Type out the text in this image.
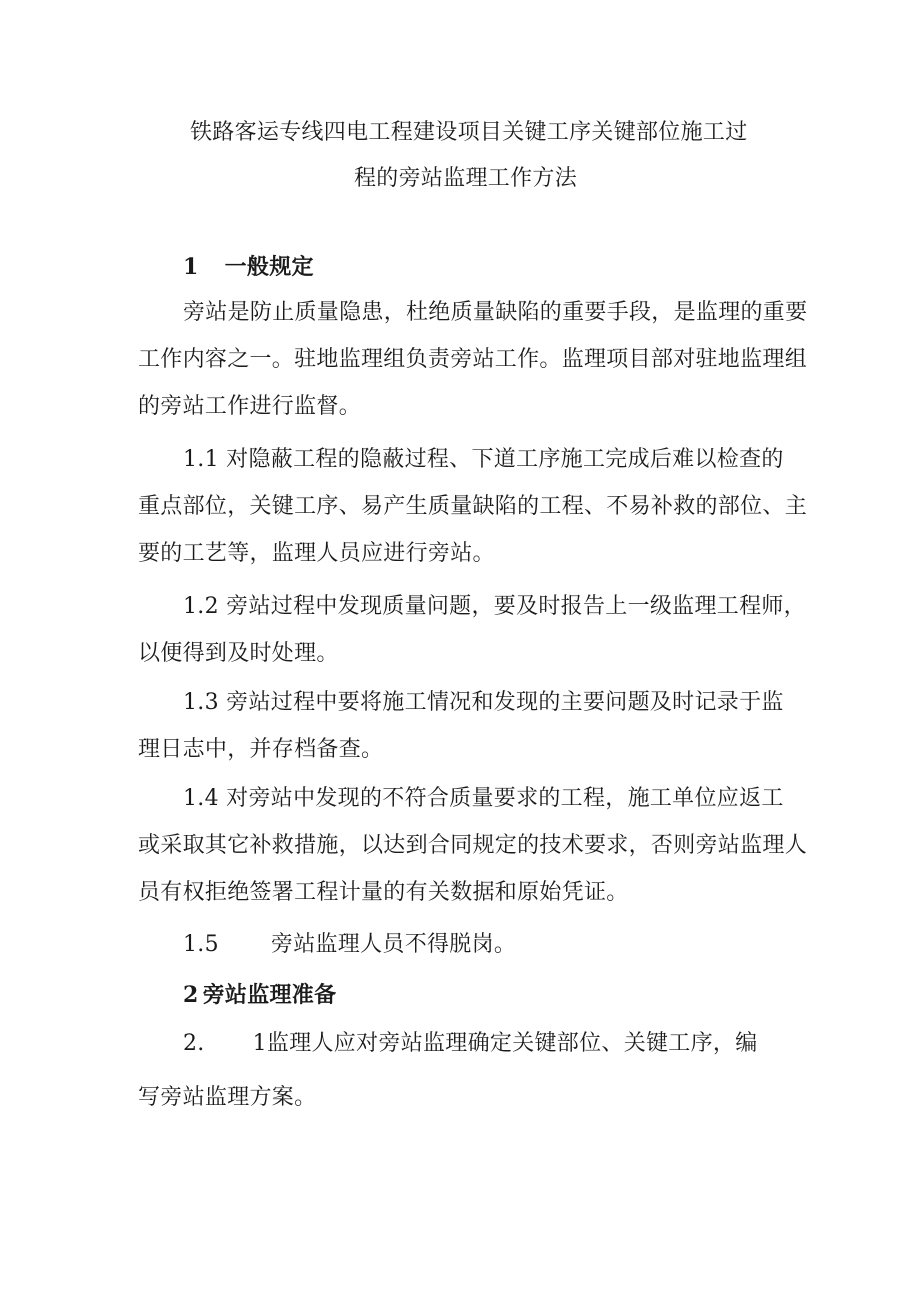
铁路客运专线四电工程建设项目关键工序关键部位施工过
程的旁站监理工作方法
1 一般规定
旁站是防止质量隐患，杜绝质量缺陷的重要手段，是监理的重要
工作内容之一。驻地监理组负责旁站工作。监理项目部对驻地监理组
的旁站工作进行监督。
1.1 对隐蔽工程的隐蔽过程、下道工序施工完成后难以检查的
重点部位，关键工序、易产生质量缺陷的工程、不易补救的部位、主
要的工艺等，监理人员应进行旁站。
1.2 旁站过程中发现质量问题，要及时报告上一级监理工程师，
以便得到及时处理。
1.3 旁站过程中要将施工情况和发现的主要问题及时记录于监
理日志中，并存档备查。
1.4 对旁站中发现的不符合质量要求的工程，施工单位应返工
或采取其它补救措施，以达到合同规定的技术要求，否则旁站监理人
员有权拒绝签署工程计量的有关数据和原始凭证。
1.5 旁站监理人员不得脱岗。
2 旁站监理准备
2. 1监理人应对旁站监理确定关键部位、关键工序，编
写旁站监理方案。
